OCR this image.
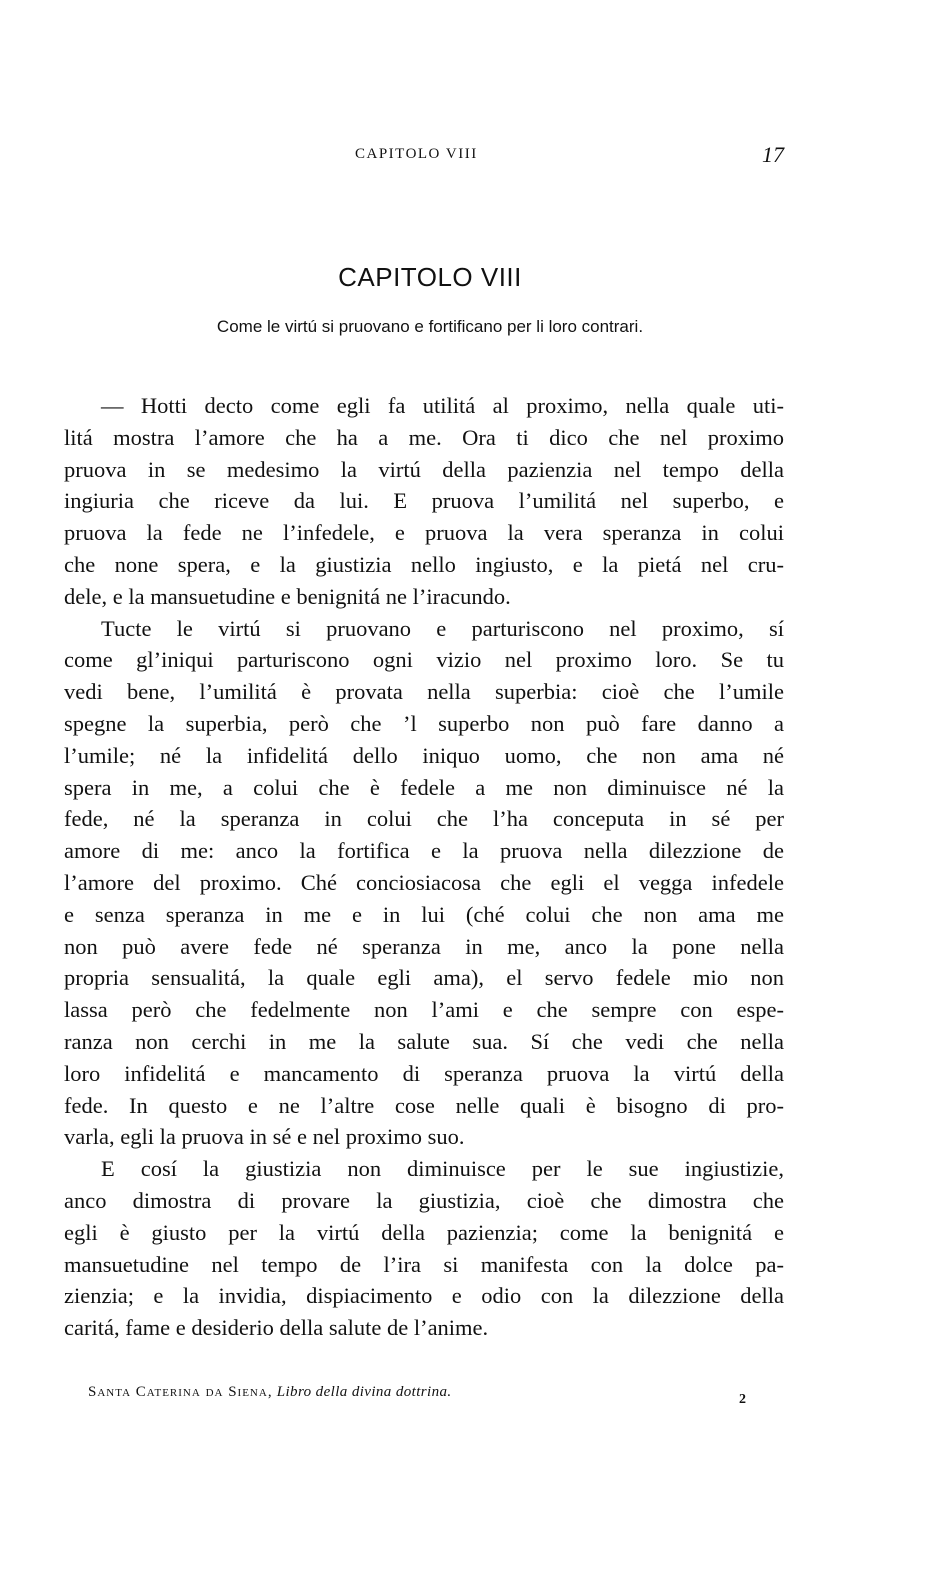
CAPITOLO VIII	17
CAPITOLO VIII
Come le virtú si pruovano e fortificano per li loro contrari.
— Hotti decto come egli fa utilitá al proximo, nella quale uti-
litá mostra l’amore che ha a me. Ora ti dico che nel proximo
pruova in se medesimo la virtú della pazienzia nel tempo della
ingiuria che riceve da lui. E pruova l’umilitá nel superbo, e
pruova la fede ne l’infedele, e pruova la vera speranza in colui
che none spera, e la giustizia nello ingiusto, e la pietá nel cru-
dele, e la mansuetudine e benignitá ne l’iracundo.
Tucte le virtú si pruovano e parturiscono nel proximo, sí
come gl’iniqui parturiscono ogni vizio nel proximo loro. Se tu
vedi bene, l’umilitá è provata nella superbia: cioè che l’umile
spegne la superbia, però che ’l superbo non può fare danno a
l’umile; né la infidelitá dello iniquo uomo, che non ama né
spera in me, a colui che è fedele a me non diminuisce né la
fede, né la speranza in colui che l’ha conceputa in sé per
amore di me: anco la fortifica e la pruova nella dilezzione de
l’amore del proximo. Ché conciosiacosa che egli el vegga infedele
e senza speranza in me e in lui (ché colui che non ama me
non può avere fede né speranza in me, anco la pone nella
propria sensualitá, la quale egli ama), el servo fedele mio non
lassa però che fedelmente non l’ami e che sempre con espe-
ranza non cerchi in me la salute sua. Sí che vedi che nella
loro infidelitá e mancamento di speranza pruova la virtú della
fede. In questo e ne l’altre cose nelle quali è bisogno di pro-
varla, egli la pruova in sé e nel proximo suo.
E cosí la giustizia non diminuisce per le sue ingiustizie,
anco dimostra di provare la giustizia, cioè che dimostra che
egli è giusto per la virtú della pazienzia; come la benignitá e
mansuetudine nel tempo de l’ira si manifesta con la dolce pa-
zienzia; e la invidia, dispiacimento e odio con la dilezzione della
caritá, fame e desiderio della salute de l’anime.
Santa Caterina da Siena, Libro della divina dottrina.	2
